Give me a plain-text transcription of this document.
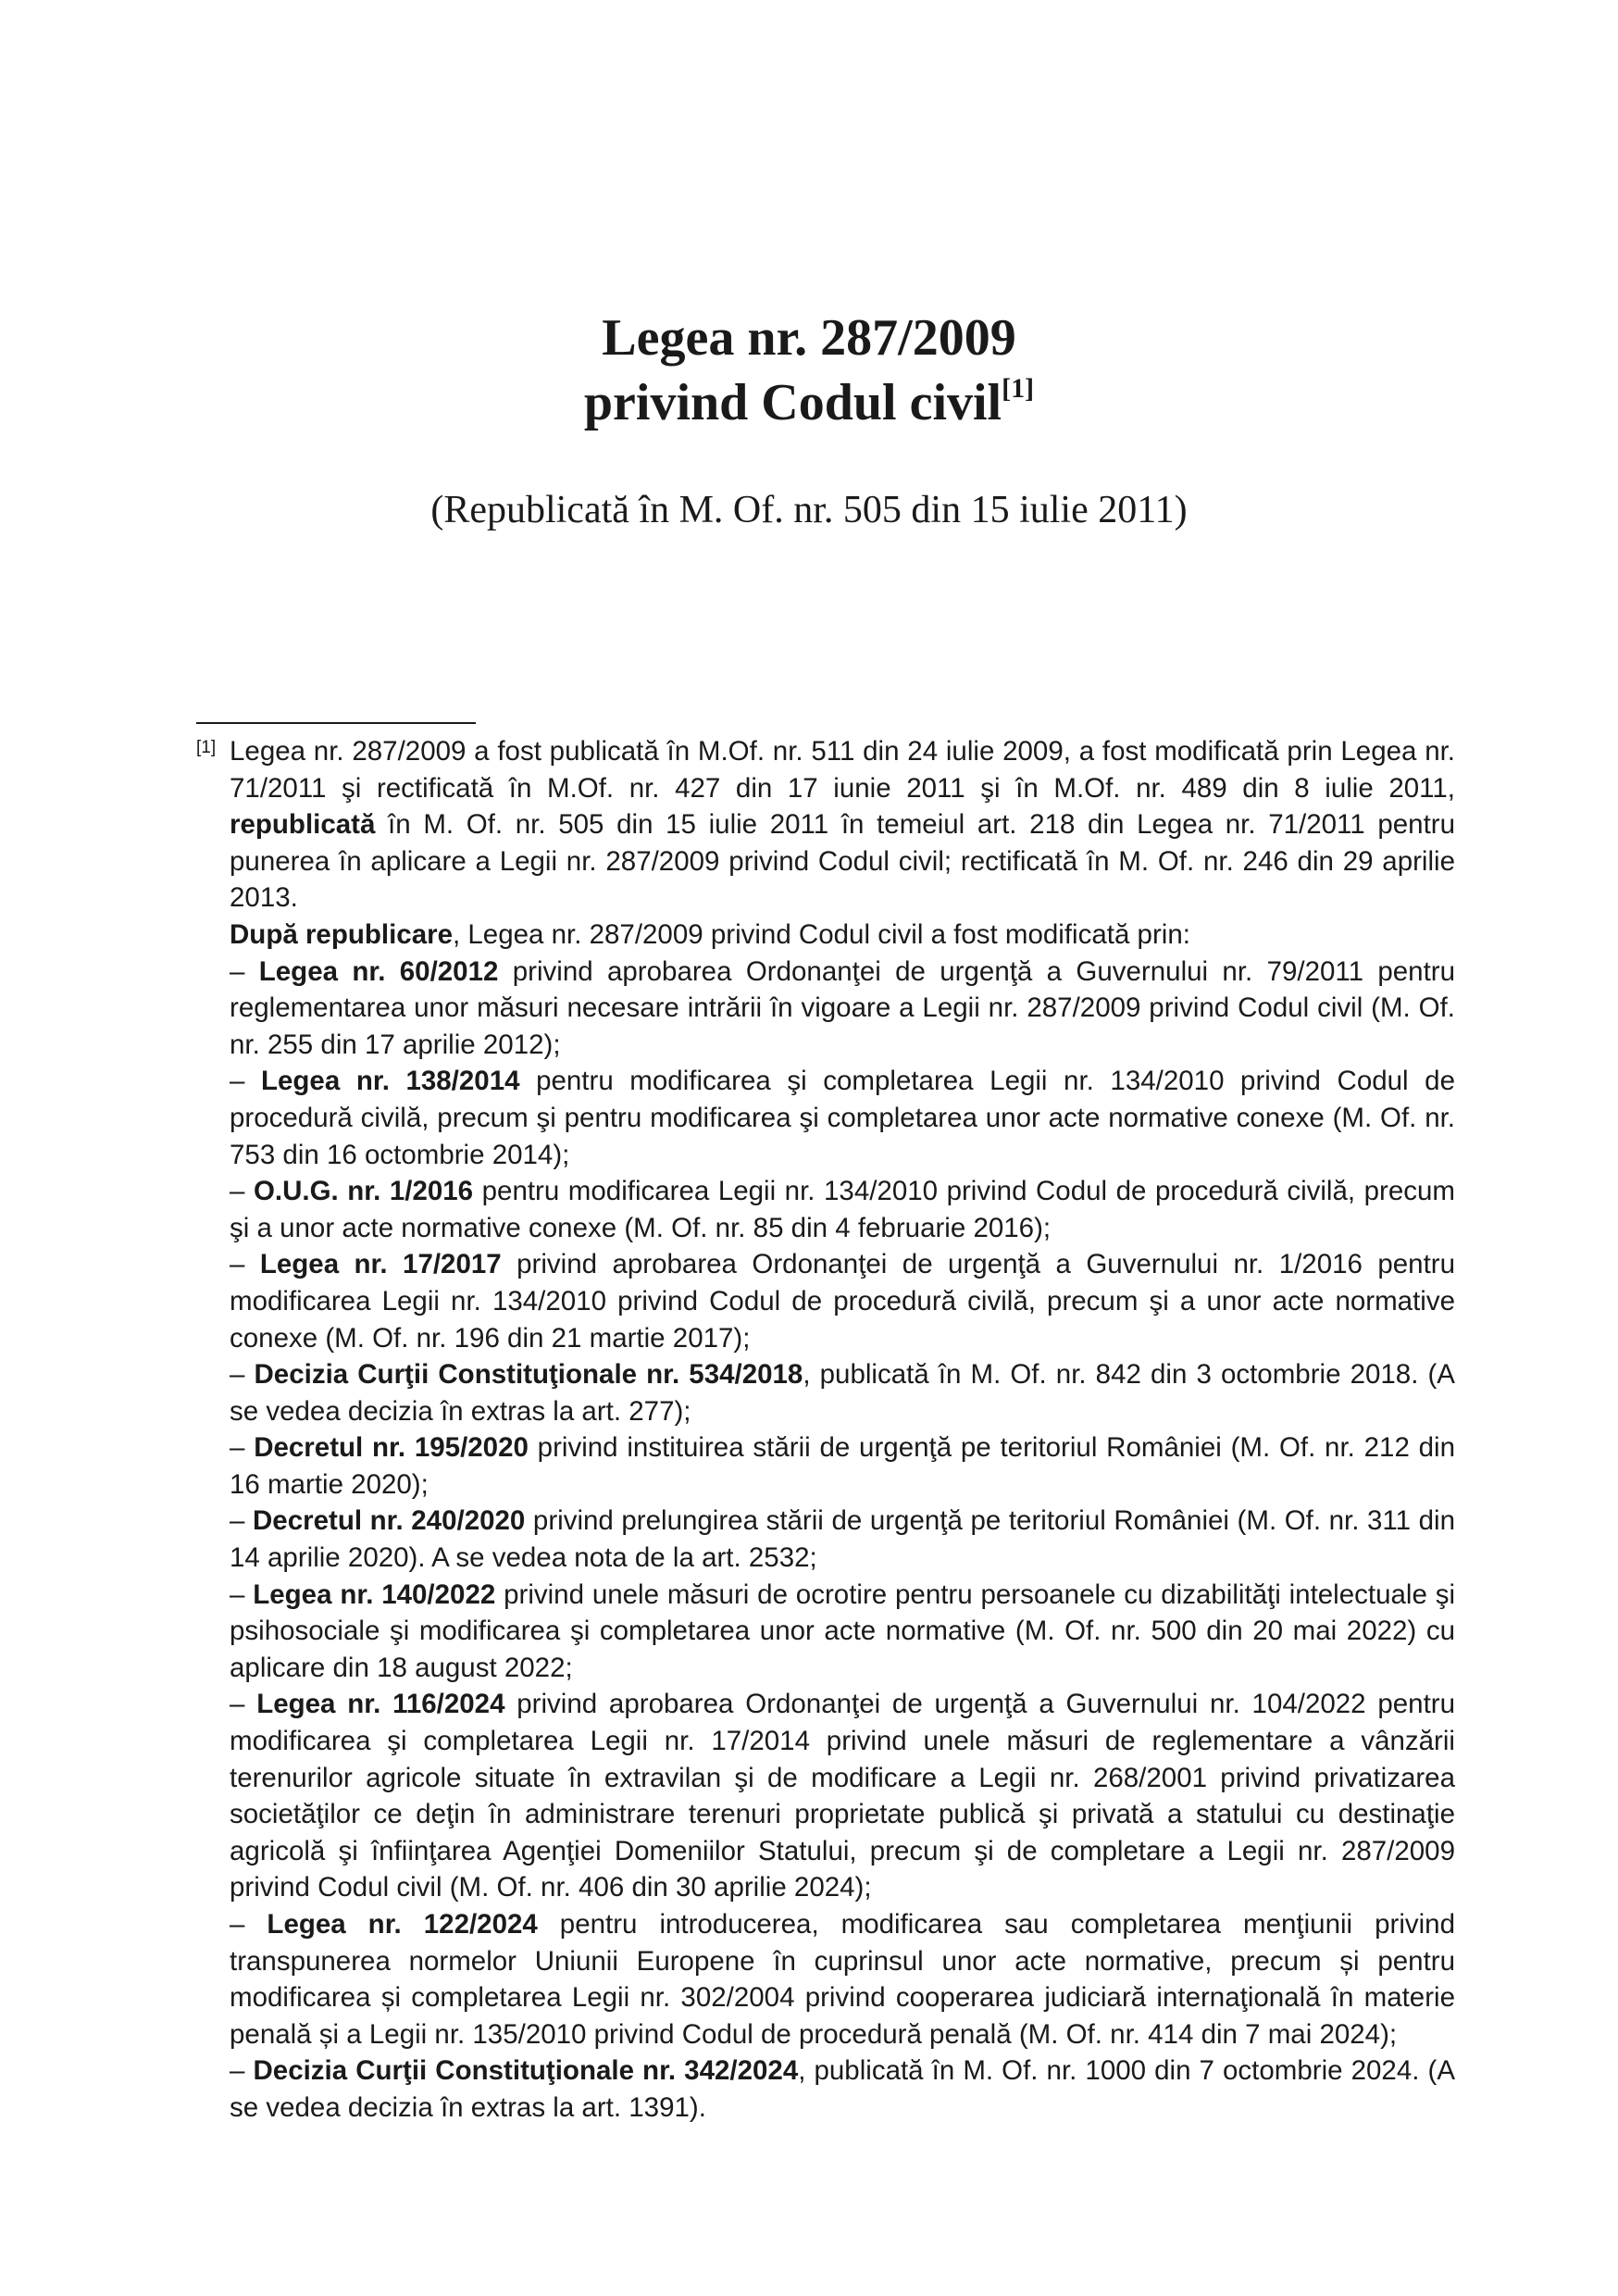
Legea nr. 287/2009
privind Codul civil[1]
(Republicată în M. Of. nr. 505 din 15 iulie 2011)
[1] Legea nr. 287/2009 a fost publicată în M.Of. nr. 511 din 24 iulie 2009, a fost modificată prin Legea nr. 71/2011 şi rectificată în M.Of. nr. 427 din 17 iunie 2011 şi în M.Of. nr. 489 din 8 iulie 2011, republicată în M. Of. nr. 505 din 15 iulie 2011 în temeiul art. 218 din Legea nr. 71/2011 pentru punerea în aplicare a Legii nr. 287/2009 privind Codul civil; rectificată în M. Of. nr. 246 din 29 aprilie 2013.

După republicare, Legea nr. 287/2009 privind Codul civil a fost modificată prin:

– Legea nr. 60/2012 privind aprobarea Ordonanţei de urgenţă a Guvernului nr. 79/2011 pentru reglementarea unor măsuri necesare intrării în vigoare a Legii nr. 287/2009 privind Codul civil (M. Of. nr. 255 din 17 aprilie 2012);

– Legea nr. 138/2014 pentru modificarea şi completarea Legii nr. 134/2010 privind Codul de procedură civilă, precum şi pentru modificarea şi completarea unor acte normative conexe (M. Of. nr. 753 din 16 octombrie 2014);

– O.U.G. nr. 1/2016 pentru modificarea Legii nr. 134/2010 privind Codul de procedură civilă, precum şi a unor acte normative conexe (M. Of. nr. 85 din 4 februarie 2016);

– Legea nr. 17/2017 privind aprobarea Ordonanţei de urgenţă a Guvernului nr. 1/2016 pentru modificarea Legii nr. 134/2010 privind Codul de procedură civilă, precum şi a unor acte normative conexe (M. Of. nr. 196 din 21 martie 2017);

– Decizia Curţii Constituţionale nr. 534/2018, publicată în M. Of. nr. 842 din 3 octombrie 2018. (A se vedea decizia în extras la art. 277);

– Decretul nr. 195/2020 privind instituirea stării de urgenţă pe teritoriul României (M. Of. nr. 212 din 16 martie 2020);

– Decretul nr. 240/2020 privind prelungirea stării de urgenţă pe teritoriul României (M. Of. nr. 311 din 14 aprilie 2020). A se vedea nota de la art. 2532;

– Legea nr. 140/2022 privind unele măsuri de ocrotire pentru persoanele cu dizabilităţi intelectuale şi psihosociale şi modificarea şi completarea unor acte normative (M. Of. nr. 500 din 20 mai 2022) cu aplicare din 18 august 2022;

– Legea nr. 116/2024 privind aprobarea Ordonanţei de urgenţă a Guvernului nr. 104/2022 pentru modificarea şi completarea Legii nr. 17/2014 privind unele măsuri de reglementare a vânzării terenurilor agricole situate în extravilan şi de modificare a Legii nr. 268/2001 privind privatizarea societăţilor ce deţin în administrare terenuri proprietate publică şi privată a statului cu destinaţie agricolă şi înfiinţarea Agenţiei Domeniilor Statului, precum şi de completare a Legii nr. 287/2009 privind Codul civil (M. Of. nr. 406 din 30 aprilie 2024);

– Legea nr. 122/2024 pentru introducerea, modificarea sau completarea menţiunii privind transpunerea normelor Uniunii Europene în cuprinsul unor acte normative, precum și pentru modificarea și completarea Legii nr. 302/2004 privind cooperarea judiciară internaţională în materie penală și a Legii nr. 135/2010 privind Codul de procedură penală (M. Of. nr. 414 din 7 mai 2024);

– Decizia Curţii Constituţionale nr. 342/2024, publicată în M. Of. nr. 1000 din 7 octombrie 2024. (A se vedea decizia în extras la art. 1391).
